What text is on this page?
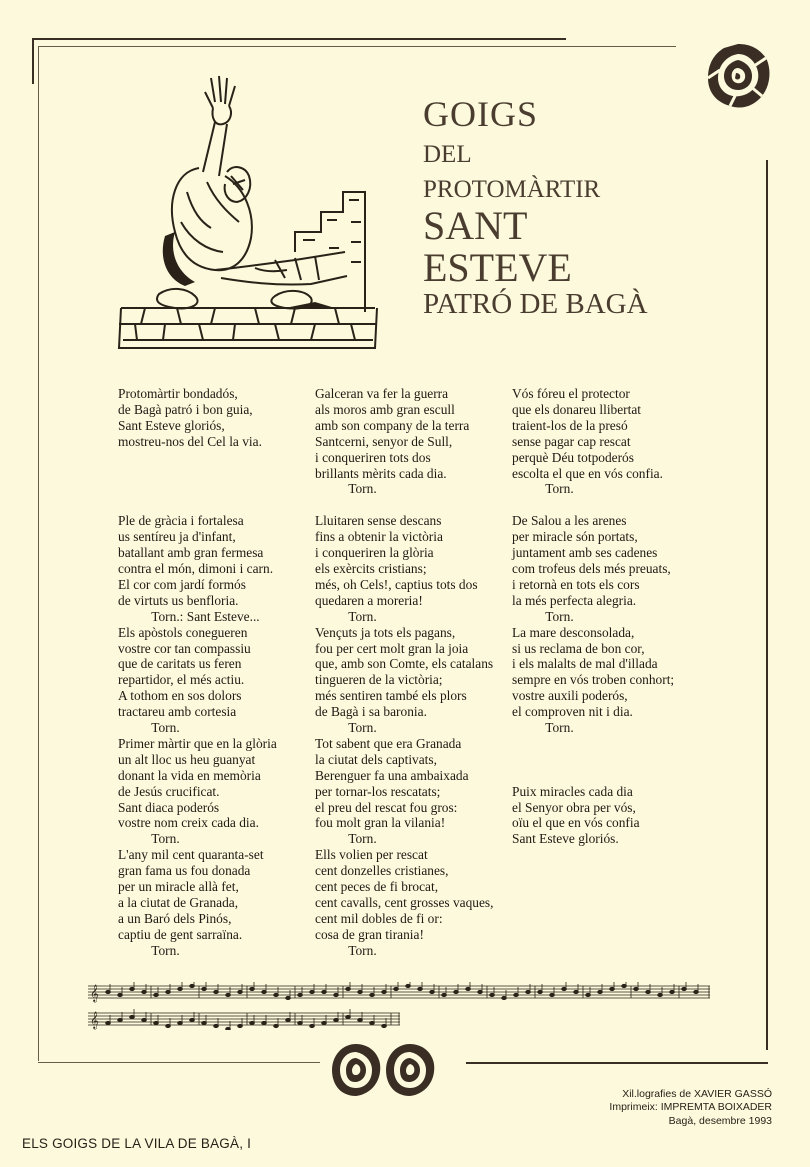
GOIGS
DEL
PROTOMÀRTIR
SANT
ESTEVE
PATRÓ DE BAGÀ
Protomàrtir bondadós,
de Bagà patró i bon guia,
Sant Esteve gloriós,
mostreu-nos del Cel la via.

Ple de gràcia i fortalesa
us sentíreu ja d'infant,
batallant amb gran fermesa
contra el món, dimoni i carn.
El cor com jardí formós
de virtuts us benfloria.
Torn.: Sant Esteve...
Els apòstols conegueren
vostre cor tan compassiu
que de caritats us feren
repartidor, el més actiu.
A tothom en sos dolors
tractareu amb cortesia
Torn.
Primer màrtir que en la glòria
un alt lloc us heu guanyat
donant la vida en memòria
de Jesús crucificat.
Sant diaca poderós
vostre nom creix cada dia.
Torn.
L'any mil cent quaranta-set
gran fama us fou donada
per un miracle allà fet,
a la ciutat de Granada,
a un Baró dels Pinós,
captiu de gent sarraïna.
Torn.
Galceran va fer la guerra
als moros amb gran escull
amb son company de la terra
Santcerni, senyor de Sull,
i conqueriren tots dos
brillants mèrits cada dia.
Torn.

Lluitaren sense descans
fins a obtenir la victòria
i conqueriren la glòria
els exèrcits cristians;
més, oh Cels!, captius tots dos
quedaren a moreria!
Torn.
Vençuts ja tots els pagans,
fou per cert molt gran la joia
que, amb son Comte, els catalans
tingueren de la victòria;
més sentiren també els plors
de Bagà i sa baronia.
Torn.
Tot sabent que era Granada
la ciutat dels captivats,
Berenguer fa una ambaixada
per tornar-los rescatats;
el preu del rescat fou gros:
fou molt gran la vilania!
Torn.
Ells volien per rescat
cent donzelles cristianes,
cent peces de fi brocat,
cent cavalls, cent grosses vaques,
cent mil dobles de fi or:
cosa de gran tirania!
Torn.
Vós fóreu el protector
que els donareu llibertat
traient-los de la presó
sense pagar cap rescat
perquè Déu totpoderós
escolta el que en vós confia.
Torn.

De Salou a les arenes
per miracle són portats,
juntament amb ses cadenes
com trofeus dels més preuats,
i retornà en tots els cors
la més perfecta alegria.
Torn.
La mare desconsolada,
si us reclama de bon cor,
i els malalts de mal d'illada
sempre en vós troben conhort;
vostre auxili poderós,
el comproven nit i dia.
Torn.

Puix miracles cada dia
el Senyor obra per vós,
oïu el que en vós confia
Sant Esteve gloriós.
𝄞
𝄞
Xil.lografies de XAVIER GASSÓ
Imprimeix: IMPREMTA BOIXADER
Bagà, desembre 1993
ELS GOIGS DE LA VILA DE BAGÀ, I
